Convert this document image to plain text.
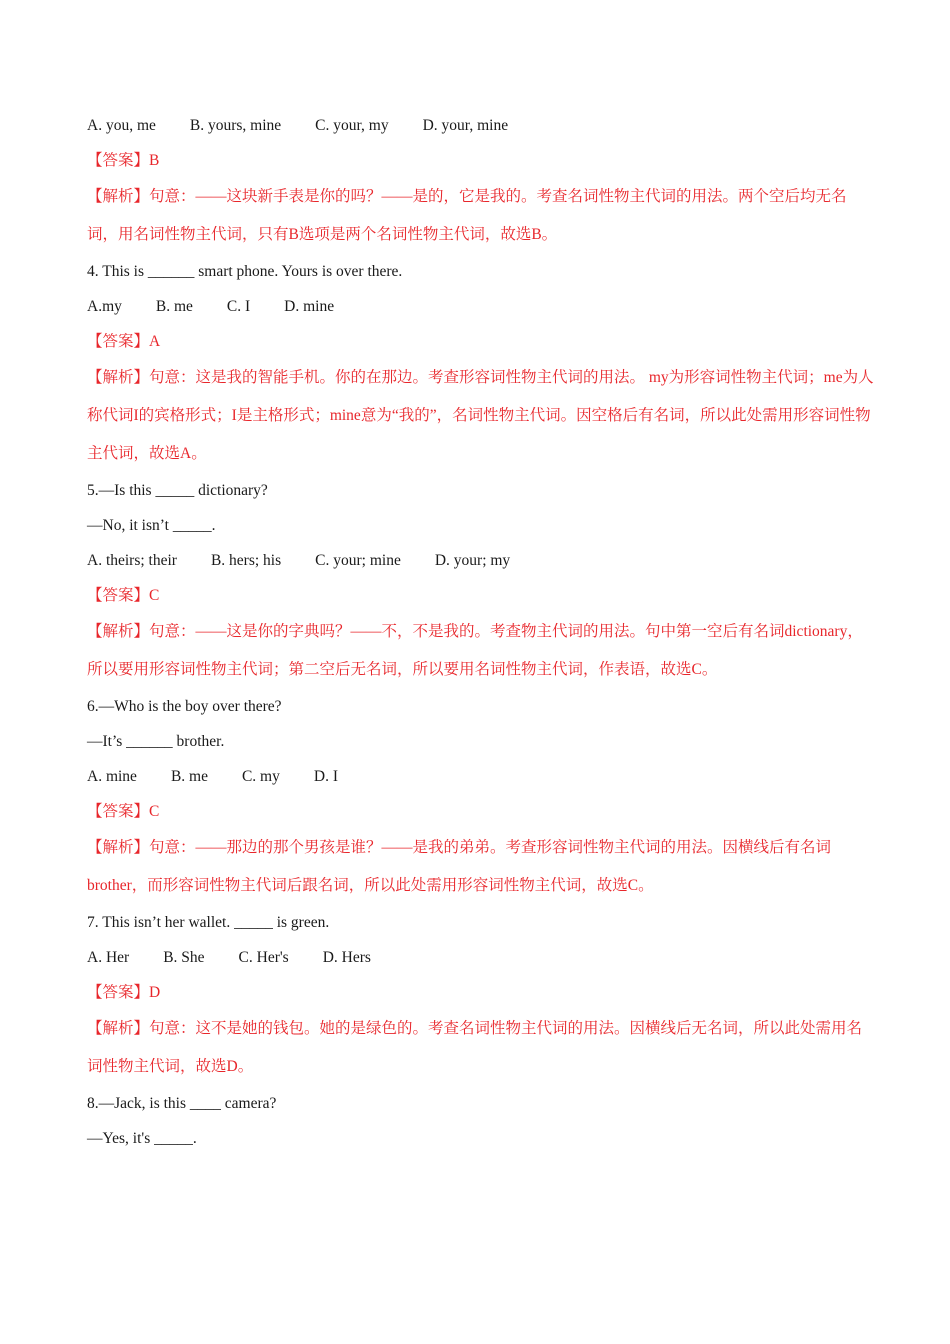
A. you, me B. yours, mine C. your, my D. your, mine
【答案】B

【解析】句意：——这块新手表是你的吗？——是的，它是我的。考查名词性物主代词的用法。两个空后均无名词，用名词性物主代词，只有B选项是两个名词性物主代词，故选B。

4. This is ______ smart phone. Yours is over there.
A.my B. me C. I D. mine
【答案】A

【解析】句意：这是我的智能手机。你的在那边。考查形容词性物主代词的用法。 my为形容词性物主代词；me为人称代词I的宾格形式；I是主格形式；mine意为“我的”，名词性物主代词。因空格后有名词，所以此处需用形容词性物主代词，故选A。

5.—Is this _____ dictionary?
—No, it isn’t _____.
A. theirs; their B. hers; his C. your; mine D. your; my
【答案】C

【解析】句意：——这是你的字典吗？——不，不是我的。考查物主代词的用法。句中第一空后有名词dictionary，所以要用形容词性物主代词；第二空后无名词，所以要用名词性物主代词，作表语，故选C。

6.—Who is the boy over there?
—It’s ______ brother.
A. mine B. me C. my D. I
【答案】C

【解析】句意：——那边的那个男孩是谁？——是我的弟弟。考查形容词性物主代词的用法。因横线后有名词brother，而形容词性物主代词后跟名词，所以此处需用形容词性物主代词，故选C。

7. This isn’t her wallet. _____ is green.
A. Her B. She C. Her's D. Hers
【答案】D

【解析】句意：这不是她的钱包。她的是绿色的。考查名词性物主代词的用法。因横线后无名词，所以此处需用名词性物主代词，故选D。

8.—Jack, is this ____ camera?
—Yes, it's _____.
